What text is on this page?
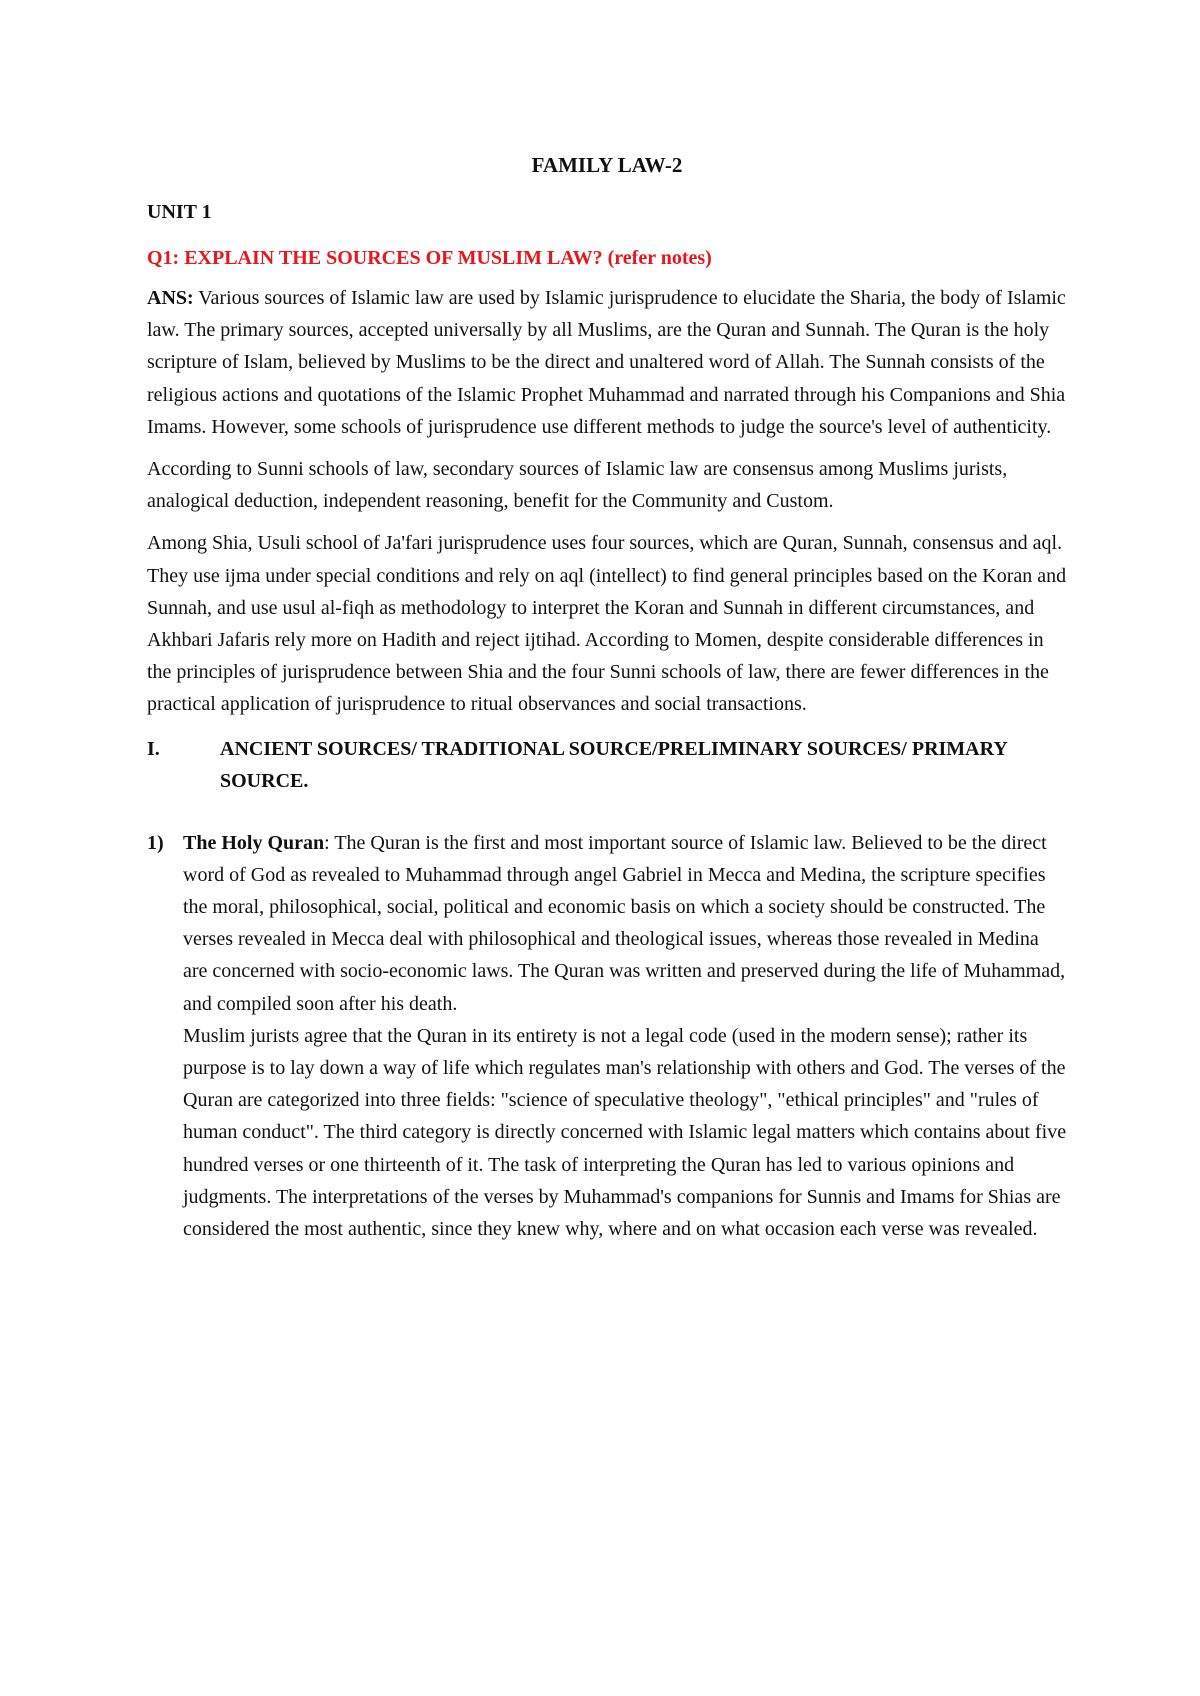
FAMILY LAW-2
UNIT 1
Q1: EXPLAIN THE SOURCES OF MUSLIM LAW? (refer notes)

ANS: Various sources of Islamic law are used by Islamic jurisprudence to elucidate the Sharia, the body of Islamic law. The primary sources, accepted universally by all Muslims, are the Quran and Sunnah. The Quran is the holy scripture of Islam, believed by Muslims to be the direct and unaltered word of Allah. The Sunnah consists of the religious actions and quotations of the Islamic Prophet Muhammad and narrated through his Companions and Shia Imams. However, some schools of jurisprudence use different methods to judge the source's level of authenticity.

According to Sunni schools of law, secondary sources of Islamic law are consensus among Muslims jurists, analogical deduction, independent reasoning, benefit for the Community and Custom.

Among Shia, Usuli school of Ja'fari jurisprudence uses four sources, which are Quran, Sunnah, consensus and aql. They use ijma under special conditions and rely on aql (intellect) to find general principles based on the Koran and Sunnah, and use usul al-fiqh as methodology to interpret the Koran and Sunnah in different circumstances, and Akhbari Jafaris rely more on Hadith and reject ijtihad. According to Momen, despite considerable differences in the principles of jurisprudence between Shia and the four Sunni schools of law, there are fewer differences in the practical application of jurisprudence to ritual observances and social transactions.

I.	ANCIENT SOURCES/ TRADITIONAL SOURCE/PRELIMINARY SOURCES/ PRIMARY SOURCE.
1) The Holy Quran: The Quran is the first and most important source of Islamic law. Believed to be the direct word of God as revealed to Muhammad through angel Gabriel in Mecca and Medina, the scripture specifies the moral, philosophical, social, political and economic basis on which a society should be constructed. The verses revealed in Mecca deal with philosophical and theological issues, whereas those revealed in Medina are concerned with socio-economic laws. The Quran was written and preserved during the life of Muhammad, and compiled soon after his death.
Muslim jurists agree that the Quran in its entirety is not a legal code (used in the modern sense); rather its purpose is to lay down a way of life which regulates man's relationship with others and God. The verses of the Quran are categorized into three fields: "science of speculative theology", "ethical principles" and "rules of human conduct". The third category is directly concerned with Islamic legal matters which contains about five hundred verses or one thirteenth of it. The task of interpreting the Quran has led to various opinions and judgments. The interpretations of the verses by Muhammad's companions for Sunnis and Imams for Shias are considered the most authentic, since they knew why, where and on what occasion each verse was revealed.
